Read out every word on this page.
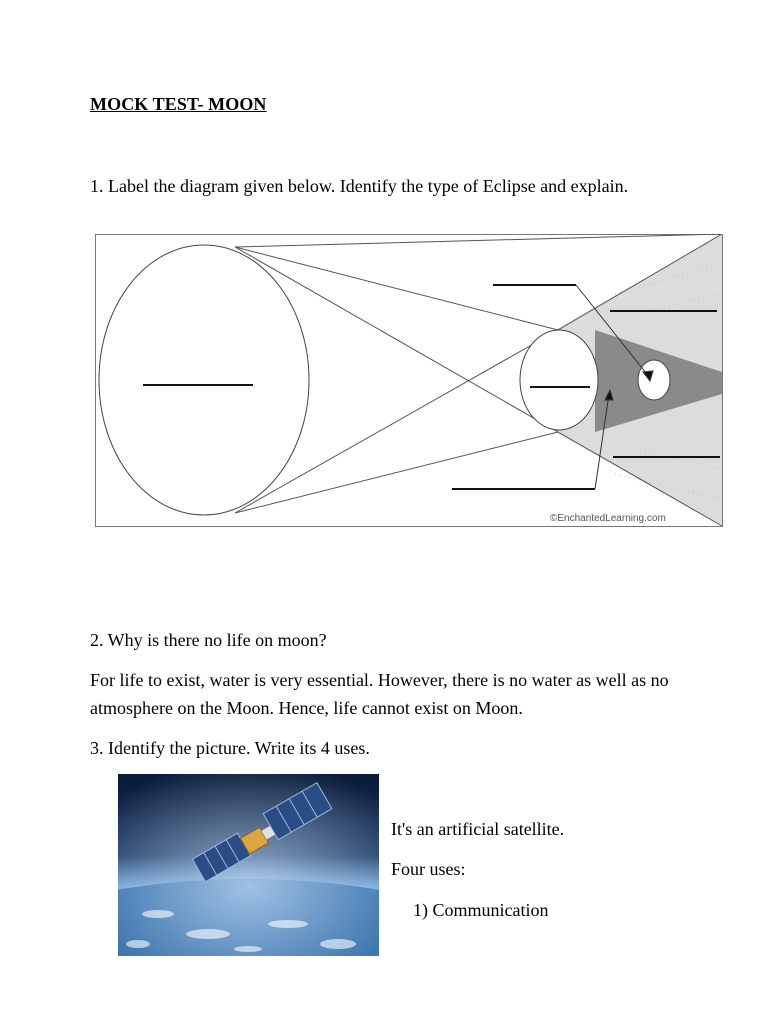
MOCK TEST- MOON

1. Label the diagram given below. Identify the type of Eclipse and explain.

©EnchantedLearning.com

2. Why is there no life on moon?

For life to exist, water is very essential. However, there is no water as well as no atmosphere on the Moon. Hence, life cannot exist on Moon.

3. Identify the picture. Write its 4 uses.

It's an artificial satellite.

Four uses:

1) Communication
